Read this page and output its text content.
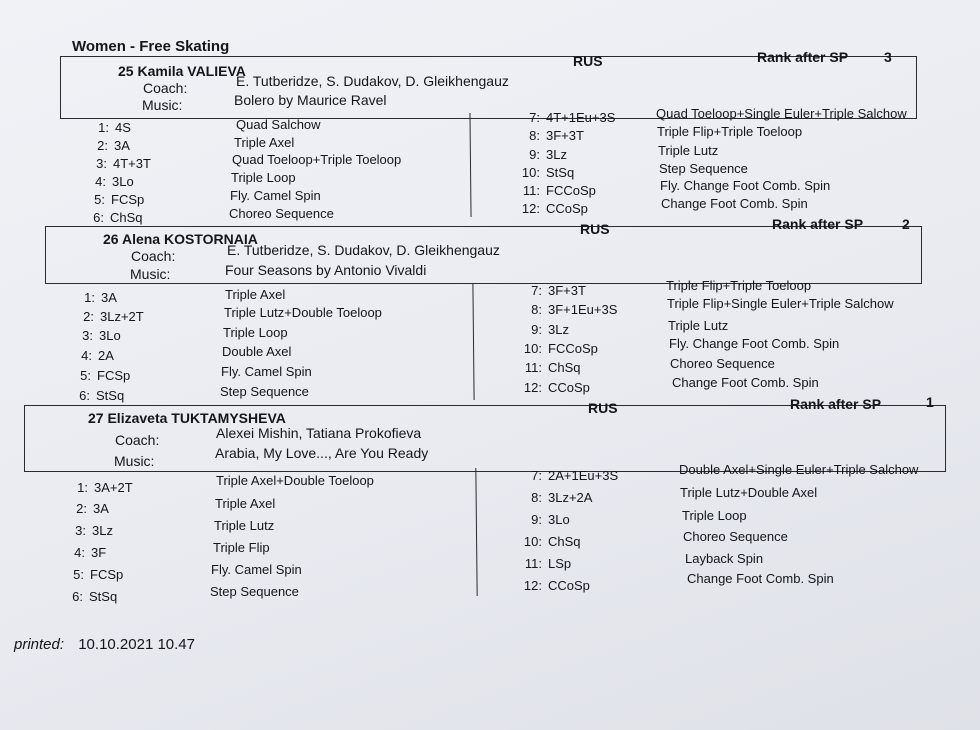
Women - Free Skating
25 Kamila VALIEVA
RUS	Rank after SP	3
Coach:	E. Tutberidze, S. Dudakov, D. Gleikhengauz
Music:	Bolero by Maurice Ravel
1: 4S	Quad Salchow
2: 3A	Triple Axel
3: 4T+3T	Quad Toeloop+Triple Toeloop
4: 3Lo	Triple Loop
5: FCSp	Fly. Camel Spin
6: ChSq	Choreo Sequence
7: 4T+1Eu+3S	Quad Toeloop+Single Euler+Triple Salchow
8: 3F+3T	Triple Flip+Triple Toeloop
9: 3Lz	Triple Lutz
10: StSq	Step Sequence
11: FCCoSp	Fly. Change Foot Comb. Spin
12: CCoSp	Change Foot Comb. Spin
26 Alena KOSTORNAIA
RUS	Rank after SP	2
Coach:	E. Tutberidze, S. Dudakov, D. Gleikhengauz
Music:	Four Seasons by Antonio Vivaldi
1: 3A	Triple Axel
2: 3Lz+2T	Triple Lutz+Double Toeloop
3: 3Lo	Triple Loop
4: 2A	Double Axel
5: FCSp	Fly. Camel Spin
6: StSq	Step Sequence
7: 3F+3T	Triple Flip+Triple Toeloop
8: 3F+1Eu+3S	Triple Flip+Single Euler+Triple Salchow
9: 3Lz	Triple Lutz
10: FCCoSp	Fly. Change Foot Comb. Spin
11: ChSq	Choreo Sequence
12: CCoSp	Change Foot Comb. Spin
27 Elizaveta TUKTAMYSHEVA
RUS	Rank after SP	1
Coach:	Alexei Mishin, Tatiana Prokofieva
Music:	Arabia, My Love..., Are You Ready
1: 3A+2T	Triple Axel+Double Toeloop
2: 3A	Triple Axel
3: 3Lz	Triple Lutz
4: 3F	Triple Flip
5: FCSp	Fly. Camel Spin
6: StSq	Step Sequence
7: 2A+1Eu+3S	Double Axel+Single Euler+Triple Salchow
8: 3Lz+2A	Triple Lutz+Double Axel
9: 3Lo	Triple Loop
10: ChSq	Choreo Sequence
11: LSp	Layback Spin
12: CCoSp	Change Foot Comb. Spin
printed: 10.10.2021 10.47
